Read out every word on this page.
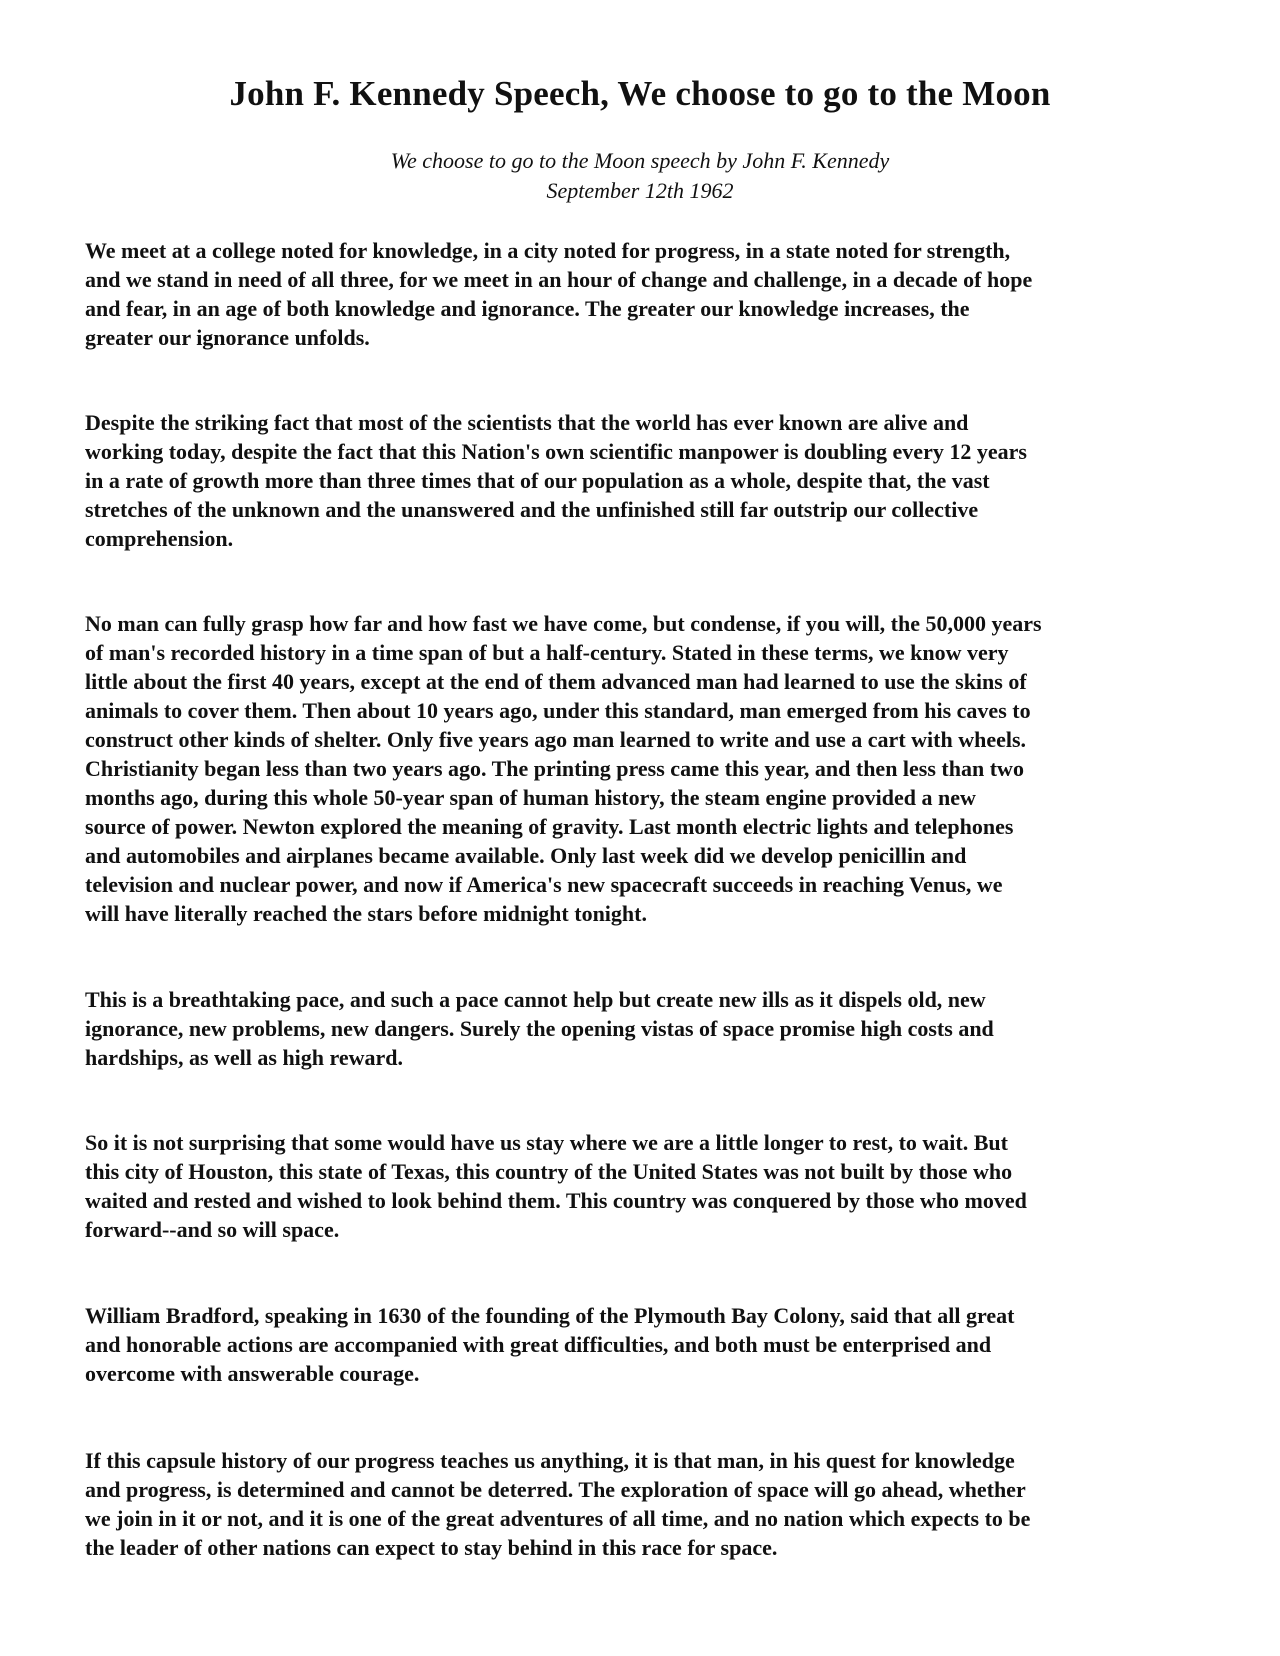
John F. Kennedy Speech, We choose to go to the Moon
We choose to go to the Moon speech by John F. Kennedy
September 12th 1962
We meet at a college noted for knowledge, in a city noted for progress, in a state noted for strength,
and we stand in need of all three, for we meet in an hour of change and challenge, in a decade of hope
and fear, in an age of both knowledge and ignorance. The greater our knowledge increases, the
greater our ignorance unfolds.
Despite the striking fact that most of the scientists that the world has ever known are alive and
working today, despite the fact that this Nation's own scientific manpower is doubling every 12 years
in a rate of growth more than three times that of our population as a whole, despite that, the vast
stretches of the unknown and the unanswered and the unfinished still far outstrip our collective
comprehension.
No man can fully grasp how far and how fast we have come, but condense, if you will, the 50,000 years
of man's recorded history in a time span of but a half-century. Stated in these terms, we know very
little about the first 40 years, except at the end of them advanced man had learned to use the skins of
animals to cover them. Then about 10 years ago, under this standard, man emerged from his caves to
construct other kinds of shelter. Only five years ago man learned to write and use a cart with wheels.
Christianity began less than two years ago. The printing press came this year, and then less than two
months ago, during this whole 50-year span of human history, the steam engine provided a new
source of power. Newton explored the meaning of gravity. Last month electric lights and telephones
and automobiles and airplanes became available. Only last week did we develop penicillin and
television and nuclear power, and now if America's new spacecraft succeeds in reaching Venus, we
will have literally reached the stars before midnight tonight.
This is a breathtaking pace, and such a pace cannot help but create new ills as it dispels old, new
ignorance, new problems, new dangers. Surely the opening vistas of space promise high costs and
hardships, as well as high reward.
So it is not surprising that some would have us stay where we are a little longer to rest, to wait. But
this city of Houston, this state of Texas, this country of the United States was not built by those who
waited and rested and wished to look behind them. This country was conquered by those who moved
forward--and so will space.
William Bradford, speaking in 1630 of the founding of the Plymouth Bay Colony, said that all great
and honorable actions are accompanied with great difficulties, and both must be enterprised and
overcome with answerable courage.
If this capsule history of our progress teaches us anything, it is that man, in his quest for knowledge
and progress, is determined and cannot be deterred. The exploration of space will go ahead, whether
we join in it or not, and it is one of the great adventures of all time, and no nation which expects to be
the leader of other nations can expect to stay behind in this race for space.
